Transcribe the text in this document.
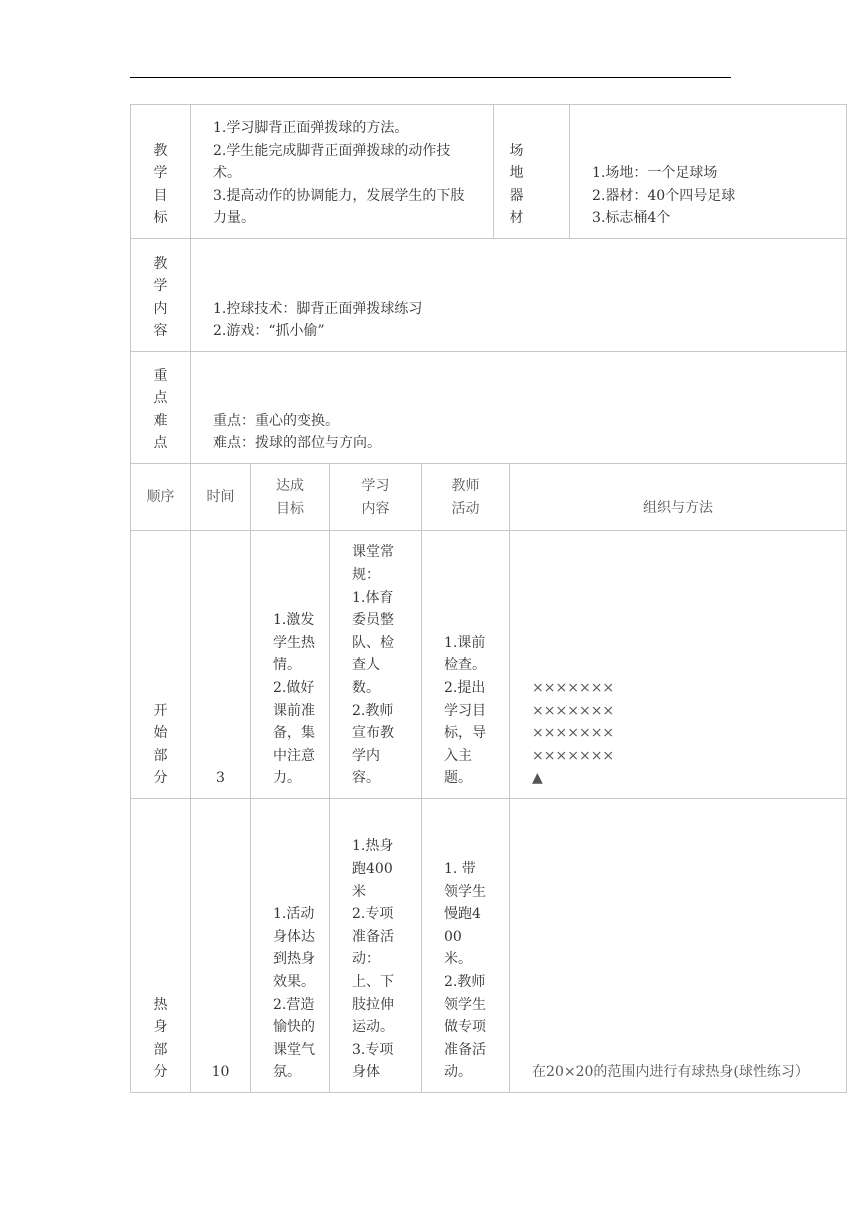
教学目标	1.学习脚背正面弹拨球的方法。
2.学生能完成脚背正面弹拨球的动作技术。
3.提高动作的协调能力，发展学生的下肢力量。				场地器材		1.场地：一个足球场
2.器材：40个四号足球
3.标志桶4个

教学内容	1.控球技术：脚背正面弹拨球练习
2.游戏：“抓小偷”						

重点难点	重点：重心的变换。
难点：拨球的部位与方向。						

顺序	时间	达成目标	学习内容	教师活动		组织与方法	
开始部分	3	1.激发学生热情。
2.做好课前准备，集中注意力。	课堂常规：
1.体育委员整队、检查人数。
2.教师宣布教学内容。	1.课前检查。
2.提出学习目标，导入主题。		×××××××
×××××××
×××××××
×××××××
▲	

热身部分	10	1.活动身体达到热身效果。
2.营造愉快的课堂气氛。	1.热身跑400米
2.专项准备活动：上、下肢拉伸运动。
3.专项身体	1. 带领学生慢跑400米。
2.教师领学生做专项准备活动。		在20×20的范围内进行有球热身(球性练习）	
